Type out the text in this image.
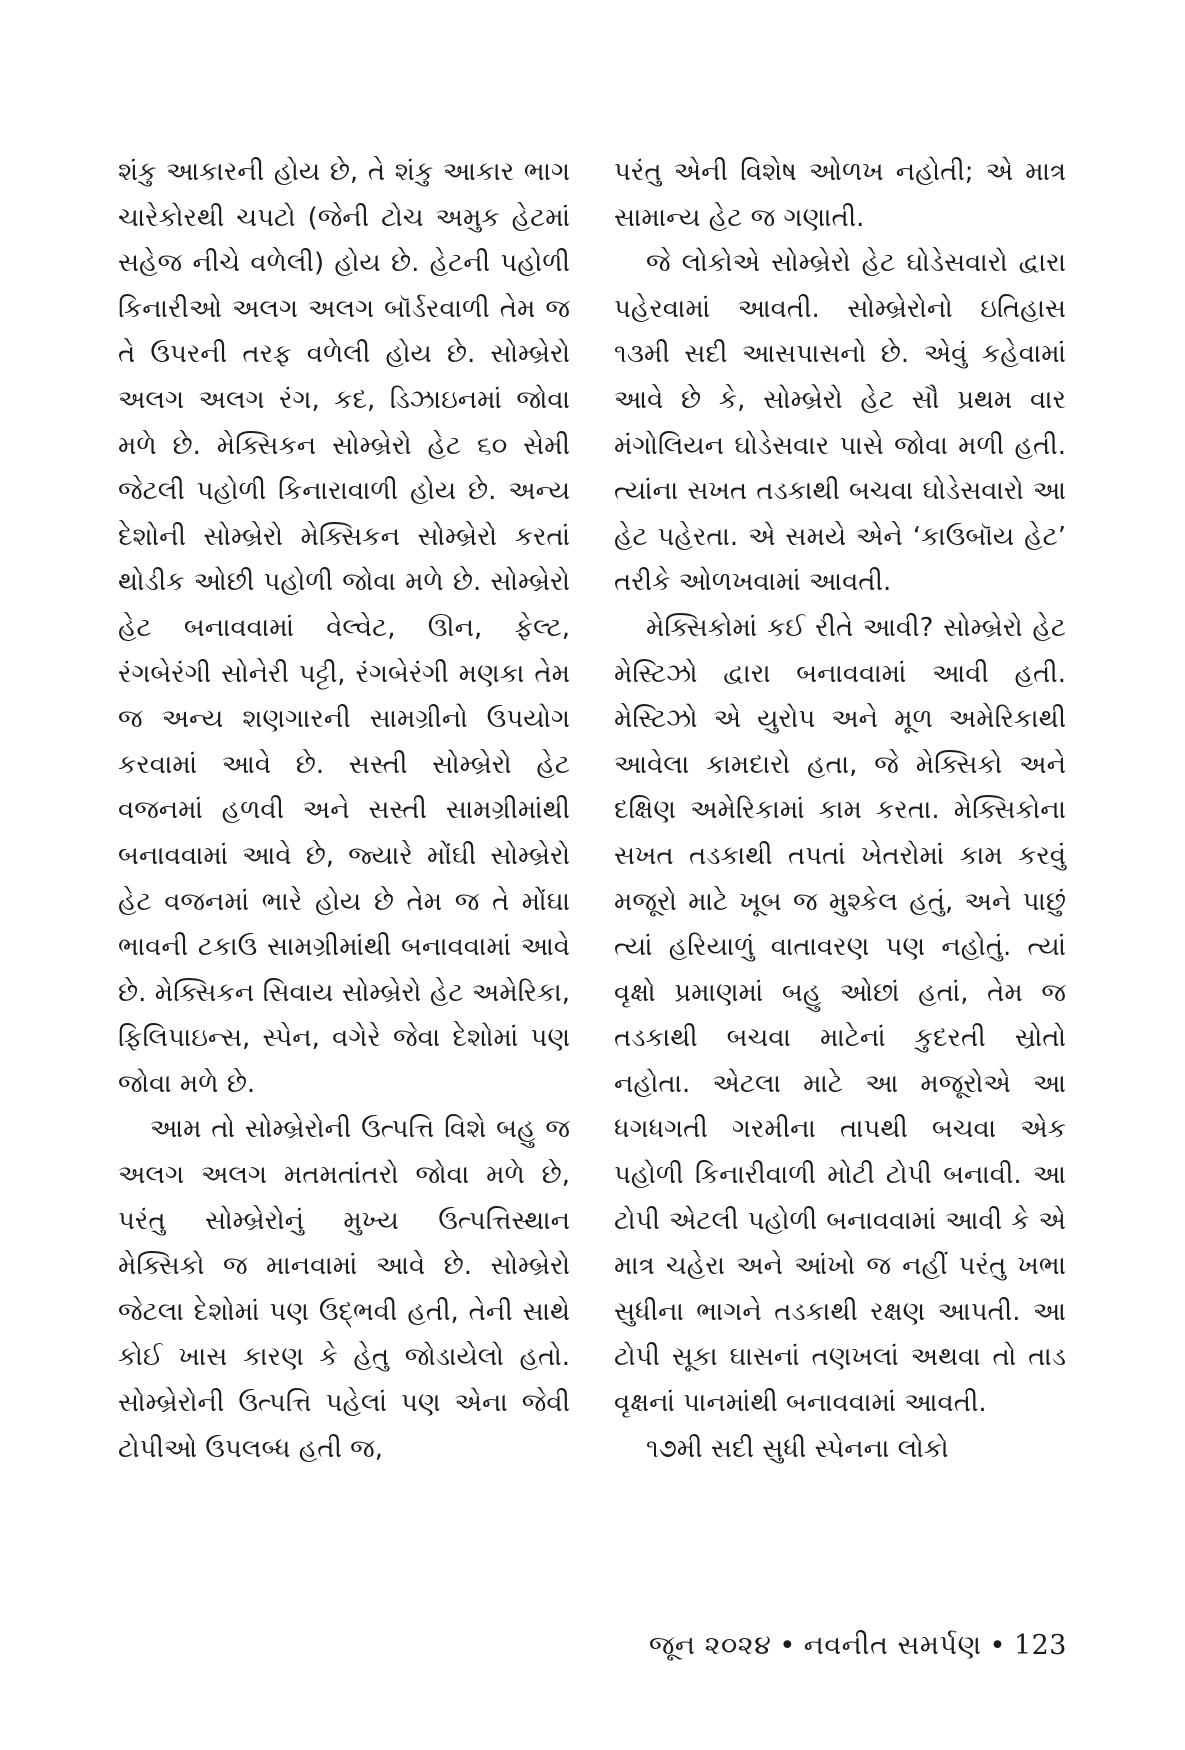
શંકુ આકારની હોય છે, તે શંકુ આકાર ભાગ ચારેકોરથી ચપટો (જેની ટોચ અમુક હેટમાં સહેજ નીચે વળેલી) હોય છે. હેટની પહોળી કિનારીઓ અલગ અલગ બૉર્ડરવાળી તેમ જ તે ઉપરની તરફ વળેલી હોય છે. સોમ્બ્રેરો અલગ અલગ રંગ, કદ, ડિઝાઇનમાં જોવા મળે છે. મેક્સિકન સોમ્બ્રેરો હેટ ૬૦ સેમી જેટલી પહોળી કિનારાવાળી હોય છે. અન્ય દેશોની સોમ્બ્રેરો મેક્સિકન સોમ્બ્રેરો કરતાં થોડીક ઓછી પહોળી જોવા મળે છે. સોમ્બ્રેરો હેટ બનાવવામાં વેલ્વેટ, ઊન, ફેલ્ટ, રંગબેરંગી સોનેરી પટ્ટી, રંગબેરંગી મણકા તેમ જ અન્ય શણગારની સામગ્રીનો ઉપયોગ કરવામાં આવે છે. સસ્તી સોમ્બ્રેરો હેટ વજનમાં હળવી અને સસ્તી સામગ્રીમાંથી બનાવવામાં આવે છે, જ્યારે મોંઘી સોમ્બ્રેરો હેટ વજનમાં ભારે હોય છે તેમ જ તે મોંઘા ભાવની ટકાઉ સામગ્રીમાંથી બનાવવામાં આવે છે. મેક્સિકન સિવાય સોમ્બ્રેરો હેટ અમેરિકા, ફિલિપાઇન્સ, સ્પેન, વગેરે જેવા દેશોમાં પણ જોવા મળે છે.

આમ તો સોમ્બ્રેરોની ઉત્પત્તિ વિશે બહુ જ અલગ અલગ મતમતાંતરો જોવા મળે છે, પરંતુ સોમ્બ્રેરોનું મુખ્ય ઉત્પત્તિસ્થાન મેક્સિકો જ માનવામાં આવે છે. સોમ્બ્રેરો જેટલા દેશોમાં પણ ઉદ્ભવી હતી, તેની સાથે કોઈ ખાસ કારણ કે હેતુ જોડાયેલો હતો. સોમ્બ્રેરોની ઉત્પત્તિ પહેલાં પણ એના જેવી ટોપીઓ ઉપલબ્ધ હતી જ,

પરંતુ એની વિશેષ ઓળખ નહોતી; એ માત્ર સામાન્ય હેટ જ ગણાતી.

જે લોકોએ સોમ્બ્રેરો હેટ ઘોડેસવારો દ્વારા પહેરવામાં આવતી. સોમ્બ્રેરોનો ઇતિહાસ ૧૩મી સદી આસપાસનો છે. એવું કહેવામાં આવે છે કે, સોમ્બ્રેરો હેટ સૌ પ્રથમ વાર મંગોલિયન ઘોડેસવાર પાસે જોવા મળી હતી. ત્યાંના સખત તડકાથી બચવા ઘોડેસવારો આ હેટ પહેરતા. એ સમયે એને ‘કાઉબૉય હેટ’ તરીકે ઓળખવામાં આવતી.

મેક્સિકોમાં કઈ રીતે આવી? સોમ્બ્રેરો હેટ મેસ્ટિઝો દ્વારા બનાવવામાં આવી હતી. મેસ્ટિઝો એ યુરોપ અને મૂળ અમેરિકાથી આવેલા કામદારો હતા, જે મેક્સિકો અને દક્ષિણ અમેરિકામાં કામ કરતા. મેક્સિકોના સખત તડકાથી તપતાં ખેતરોમાં કામ કરવું મજૂરો માટે ખૂબ જ મુશ્કેલ હતું, અને પાછું ત્યાં હરિયાળું વાતાવરણ પણ નહોતું. ત્યાં વૃક્ષો પ્રમાણમાં બહુ ઓછાં હતાં, તેમ જ તડકાથી બચવા માટેનાં કુદરતી સ્રોતો નહોતા. એટલા માટે આ મજૂરોએ આ ધગધગતી ગરમીના તાપથી બચવા એક પહોળી કિનારીવાળી મોટી ટોપી બનાવી. આ ટોપી એટલી પહોળી બનાવવામાં આવી કે એ માત્ર ચહેરા અને આંખો જ નહીં પરંતુ ખભા સુધીના ભાગને તડકાથી રક્ષણ આપતી. આ ટોપી સૂકા ઘાસનાં તણખલાં અથવા તો તાડ વૃક્ષનાં પાનમાંથી બનાવવામાં આવતી.

૧૭મી સદી સુધી સ્પેનના લોકો

જૂન ૨૦૨૪ • નવનીત સમર્પણ • 123
